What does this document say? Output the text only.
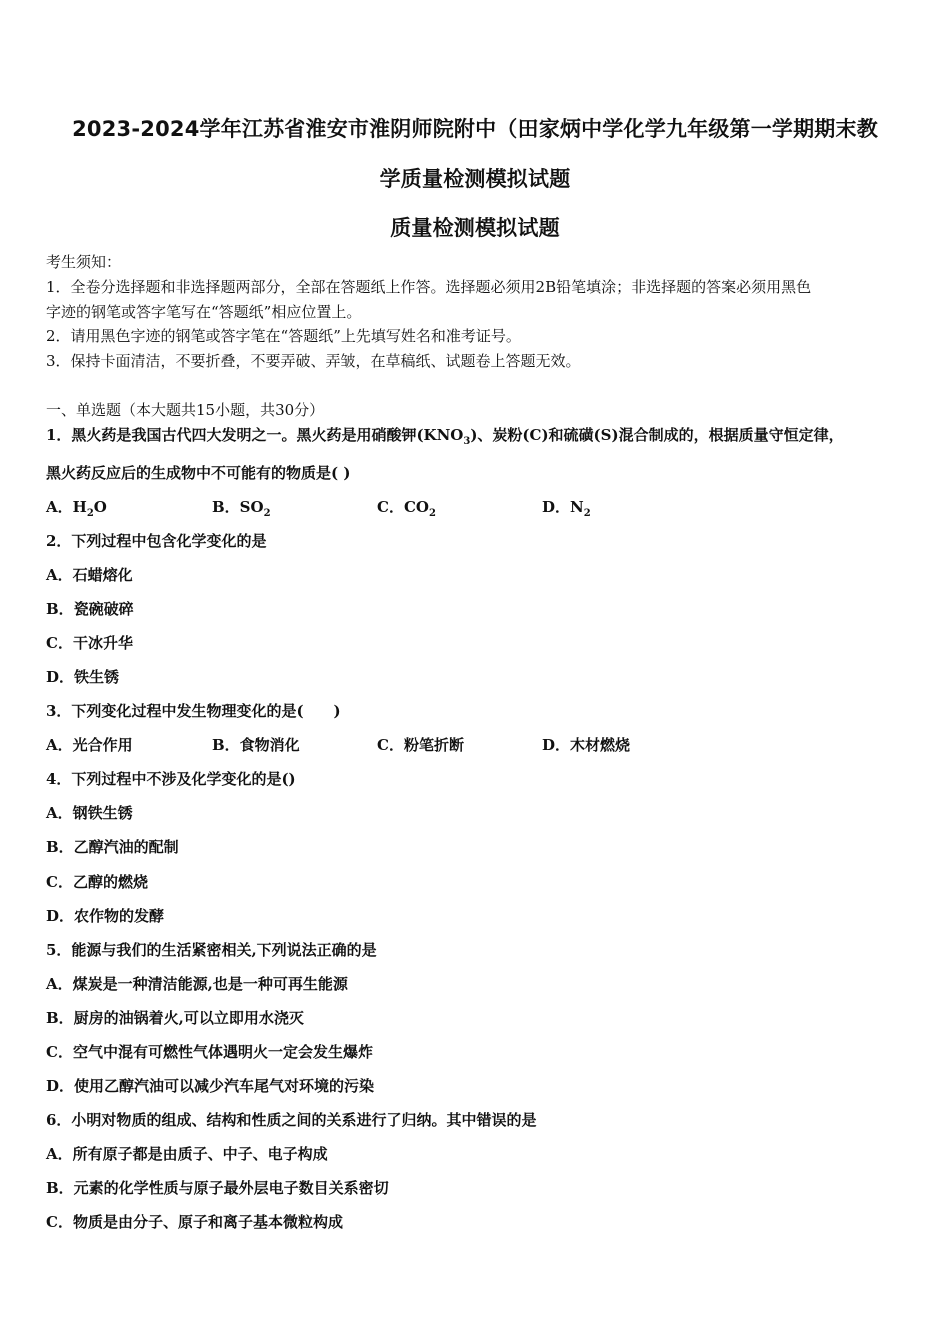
2023-2024学年江苏省淮安市淮阴师院附中（田家炳中学化学九年级第一学期期末教
学质量检测模拟试题
质量检测模拟试题
考生须知：
1．全卷分选择题和非选择题两部分，全部在答题纸上作答。选择题必须用2B铅笔填涂；非选择题的答案必须用黑色
字迹的钢笔或答字笔写在“答题纸”相应位置上。
2．请用黑色字迹的钢笔或答字笔在“答题纸”上先填写姓名和准考证号。
3．保持卡面清洁，不要折叠，不要弄破、弄皱，在草稿纸、试题卷上答题无效。
一、单选题（本大题共15小题，共30分）
1．黑火药是我国古代四大发明之一。黑火药是用硝酸钾$(KNO_3)$、炭粉(C)和硫磺(S)混合制成的，根据质量守恒定律，
黑火药反应后的生成物中不可能有的物质是( )
A．$H_2O$	B．$SO_2$	C．$CO_2$	D．$N_2$
2．下列过程中包含化学变化的是
A．石蜡熔化
B．瓷碗破碎
C．干冰升华
D．铁生锈
3．下列变化过程中发生物理变化的是(　　)
A．光合作用	B．食物消化	C．粉笔折断	D．木材燃烧
4．下列过程中不涉及化学变化的是()
A．钢铁生锈
B．乙醇汽油的配制
C．乙醇的燃烧
D．农作物的发酵
5．能源与我们的生活紧密相关,下列说法正确的是
A．煤炭是一种清洁能源,也是一种可再生能源
B．厨房的油锅着火,可以立即用水浇灭
C．空气中混有可燃性气体遇明火一定会发生爆炸
D．使用乙醇汽油可以减少汽车尾气对环境的污染
6．小明对物质的组成、结构和性质之间的关系进行了归纳。其中错误的是
A．所有原子都是由质子、中子、电子构成
B．元素的化学性质与原子最外层电子数目关系密切
C．物质是由分子、原子和离子基本微粒构成
